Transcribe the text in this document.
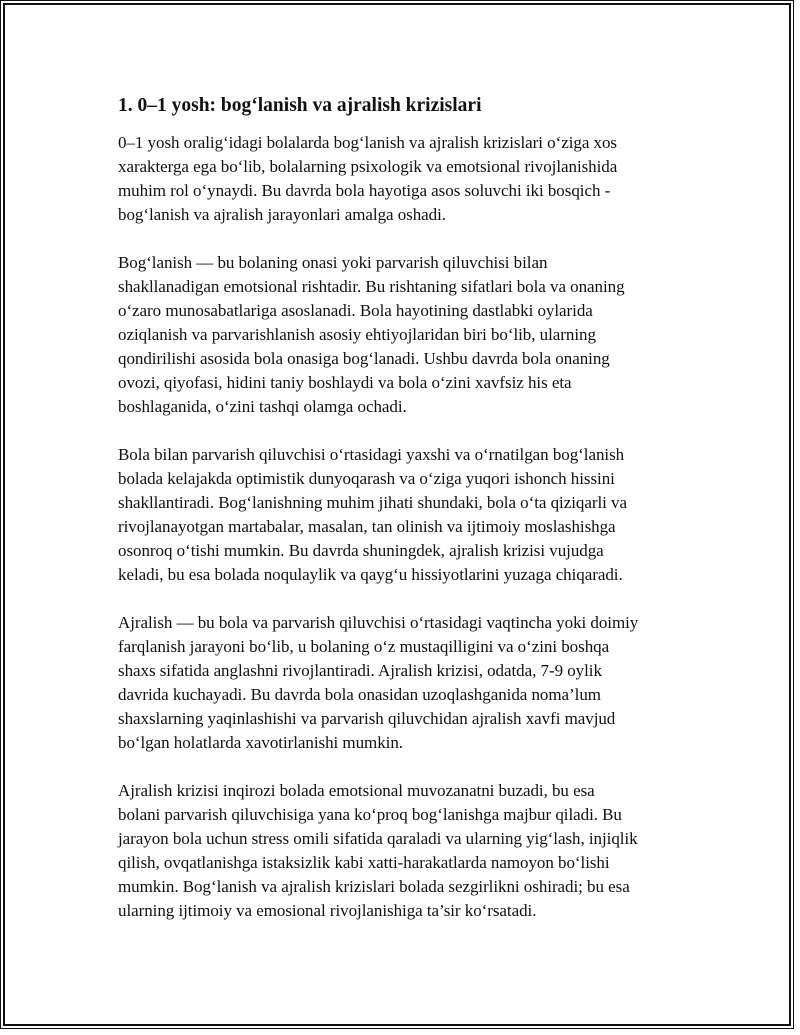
1. 0–1 yosh: bog‘lanish va ajralish krizislari

0–1 yosh oralig‘idagi bolalarda bog‘lanish va ajralish krizislari o‘ziga xos
xarakterga ega bo‘lib, bolalarning psixologik va emotsional rivojlanishida
muhim rol o‘ynaydi. Bu davrda bola hayotiga asos soluvchi iki bosqich -
bog‘lanish va ajralish jarayonlari amalga oshadi.

Bog‘lanish — bu bolaning onasi yoki parvarish qiluvchisi bilan
shakllanadigan emotsional rishtadir. Bu rishtaning sifatlari bola va onaning
o‘zaro munosabatlariga asoslanadi. Bola hayotining dastlabki oylarida
oziqlanish va parvarishlanish asosiy ehtiyojlaridan biri bo‘lib, ularning
qondirilishi asosida bola onasiga bog‘lanadi. Ushbu davrda bola onaning
ovozi, qiyofasi, hidini taniy boshlaydi va bola o‘zini xavfsiz his eta
boshlaganida, o‘zini tashqi olamga ochadi.

Bola bilan parvarish qiluvchisi o‘rtasidagi yaxshi va o‘rnatilgan bog‘lanish
bolada kelajakda optimistik dunyoqarash va o‘ziga yuqori ishonch hissini
shakllantiradi. Bog‘lanishning muhim jihati shundaki, bola o‘ta qiziqarli va
rivojlanayotgan martabalar, masalan, tan olinish va ijtimoiy moslashishga
osonroq o‘tishi mumkin. Bu davrda shuningdek, ajralish krizisi vujudga
keladi, bu esa bolada noqulaylik va qayg‘u hissiyotlarini yuzaga chiqaradi.

Ajralish — bu bola va parvarish qiluvchisi o‘rtasidagi vaqtincha yoki doimiy
farqlanish jarayoni bo‘lib, u bolaning o‘z mustaqilligini va o‘zini boshqa
shaxs sifatida anglashni rivojlantiradi. Ajralish krizisi, odatda, 7-9 oylik
davrida kuchayadi. Bu davrda bola onasidan uzoqlashganida noma’lum
shaxslarning yaqinlashishi va parvarish qiluvchidan ajralish xavfi mavjud
bo‘lgan holatlarda xavotirlanishi mumkin.

Ajralish krizisi inqirozi bolada emotsional muvozanatni buzadi, bu esa
bolani parvarish qiluvchisiga yana ko‘proq bog‘lanishga majbur qiladi. Bu
jarayon bola uchun stress omili sifatida qaraladi va ularning yig‘lash, injiqlik
qilish, ovqatlanishga istaksizlik kabi xatti-harakatlarda namoyon bo‘lishi
mumkin. Bog‘lanish va ajralish krizislari bolada sezgirlikni oshiradi; bu esa
ularning ijtimoiy va emosional rivojlanishiga ta’sir ko‘rsatadi.
